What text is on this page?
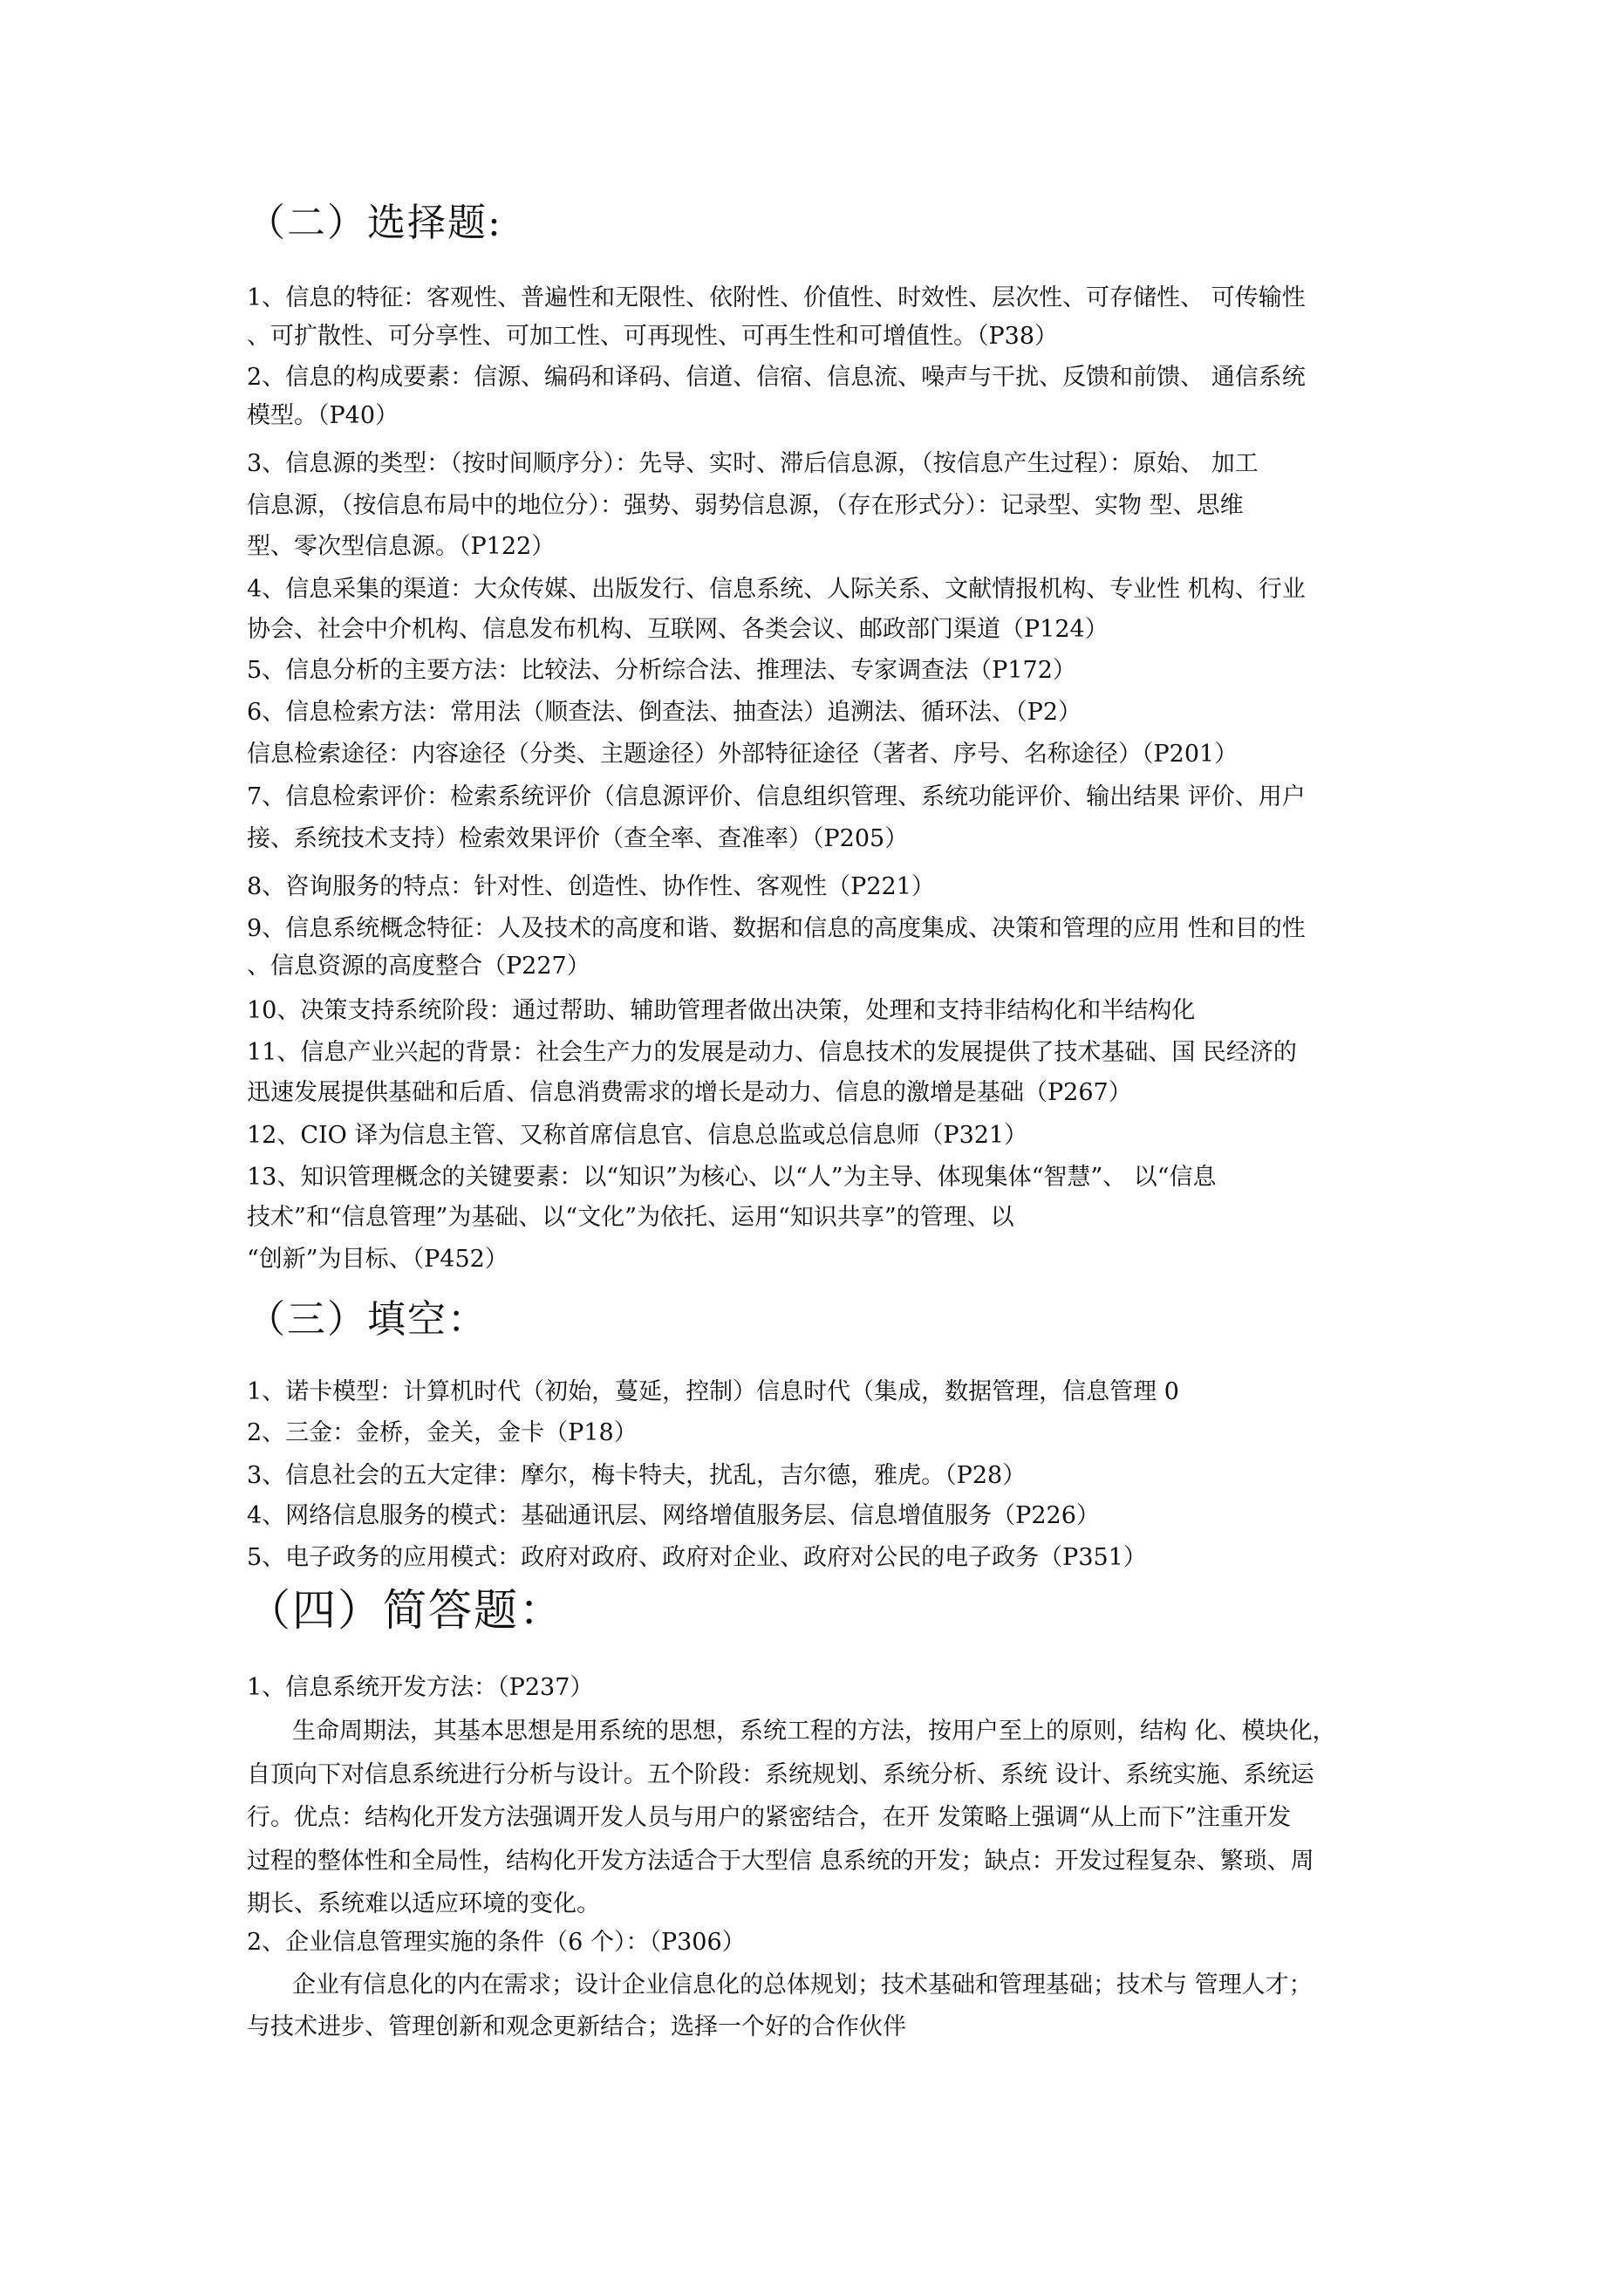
（二）选择题:
1、信息的特征：客观性、普遍性和无限性、依附性、价值性、时效性、层次性、可存储性、 可传输性
、可扩散性、可分享性、可加工性、可再现性、可再生性和可增值性。（P38）
2、信息的构成要素：信源、编码和译码、信道、信宿、信息流、噪声与干扰、反馈和前馈、 通信系统
模型。（P40）
3、信息源的类型：（按时间顺序分）：先导、实时、滞后信息源，（按信息产生过程）：原始、 加工
信息源，（按信息布局中的地位分）：强势、弱势信息源，（存在形式分）：记录型、实物 型、思维
型、零次型信息源。（P122）
4、信息采集的渠道：大众传媒、出版发行、信息系统、人际关系、文献情报机构、专业性 机构、行业
协会、社会中介机构、信息发布机构、互联网、各类会议、邮政部门渠道（P124）
5、信息分析的主要方法：比较法、分析综合法、推理法、专家调查法（P172）
6、信息检索方法：常用法（顺查法、倒查法、抽查法）追溯法、循环法、（P2）
信息检索途径：内容途径（分类、主题途径）外部特征途径（著者、序号、名称途径）（P201）
7、信息检索评价：检索系统评价（信息源评价、信息组织管理、系统功能评价、输出结果 评价、用户
接、系统技术支持）检索效果评价（查全率、查准率）（P205）
8、咨询服务的特点：针对性、创造性、协作性、客观性（P221）
9、信息系统概念特征：人及技术的高度和谐、数据和信息的高度集成、决策和管理的应用 性和目的性
、信息资源的高度整合（P227）
10、决策支持系统阶段：通过帮助、辅助管理者做出决策，处理和支持非结构化和半结构化
11、信息产业兴起的背景：社会生产力的发展是动力、信息技术的发展提供了技术基础、国 民经济的
迅速发展提供基础和后盾、信息消费需求的增长是动力、信息的激增是基础（P267）
12、CIO 译为信息主管、又称首席信息官、信息总监或总信息师（P321）
13、知识管理概念的关键要素：以“知识”为核心、以“人”为主导、体现集体“智慧”、 以“信息
技术”和“信息管理”为基础、以“文化”为依托、运用“知识共享”的管理、以
“创新”为目标、（P452）
（三）填空：
1、诺卡模型：计算机时代（初始，蔓延，控制）信息时代（集成，数据管理，信息管理 0
2、三金：金桥，金关，金卡（P18）
3、信息社会的五大定律：摩尔，梅卡特夫，扰乱，吉尔德，雅虎。（P28）
4、网络信息服务的模式：基础通讯层、网络增值服务层、信息增值服务（P226）
5、电子政务的应用模式：政府对政府、政府对企业、政府对公民的电子政务（P351）
（四）简答题：
1、信息系统开发方法：（P237）
生命周期法，其基本思想是用系统的思想，系统工程的方法，按用户至上的原则，结构 化、模块化，
自顶向下对信息系统进行分析与设计。五个阶段：系统规划、系统分析、系统 设计、系统实施、系统运
行。优点：结构化开发方法强调开发人员与用户的紧密结合，在开 发策略上强调“从上而下”注重开发
过程的整体性和全局性，结构化开发方法适合于大型信 息系统的开发；缺点：开发过程复杂、繁琐、周
期长、系统难以适应环境的变化。
2、企业信息管理实施的条件（6 个）：（P306）
企业有信息化的内在需求；设计企业信息化的总体规划；技术基础和管理基础；技术与 管理人才；
与技术进步、管理创新和观念更新结合；选择一个好的合作伙伴
